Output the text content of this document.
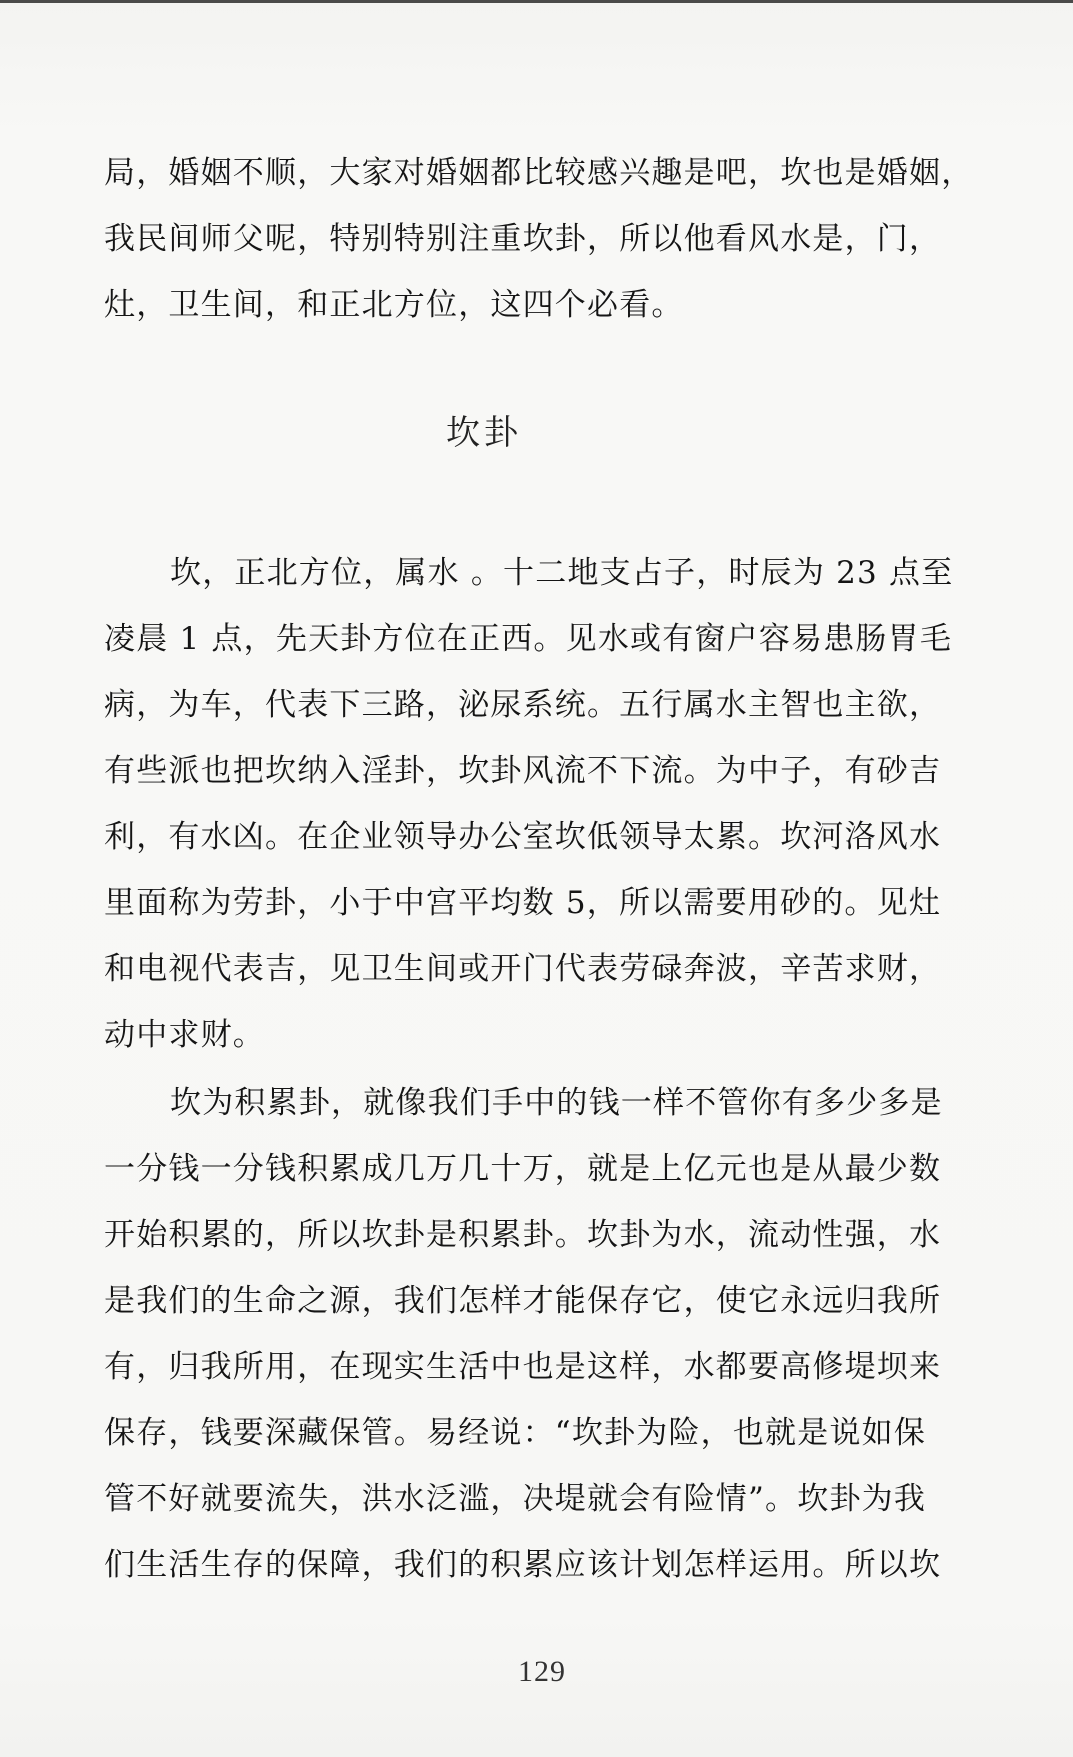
局，婚姻不顺，大家对婚姻都比较感兴趣是吧，坎也是婚姻，
我民间师父呢，特别特别注重坎卦，所以他看风水是，门，
灶，卫生间，和正北方位，这四个必看。
坎卦
坎，正北方位，属水 。十二地支占子，时辰为 23 点至
凌晨 1 点，先天卦方位在正西。见水或有窗户容易患肠胃毛
病，为车，代表下三路，泌尿系统。五行属水主智也主欲，
有些派也把坎纳入淫卦，坎卦风流不下流。为中子，有砂吉
利，有水凶。在企业领导办公室坎低领导太累。坎河洛风水
里面称为劳卦，小于中宫平均数 5，所以需要用砂的。见灶
和电视代表吉，见卫生间或开门代表劳碌奔波，辛苦求财，
动中求财。
坎为积累卦，就像我们手中的钱一样不管你有多少多是
一分钱一分钱积累成几万几十万，就是上亿元也是从最少数
开始积累的，所以坎卦是积累卦。坎卦为水，流动性强，水
是我们的生命之源，我们怎样才能保存它，使它永远归我所
有，归我所用，在现实生活中也是这样，水都要高修堤坝来
保存，钱要深藏保管。易经说：“坎卦为险，也就是说如保
管不好就要流失，洪水泛滥，决堤就会有险情”。坎卦为我
们生活生存的保障，我们的积累应该计划怎样运用。所以坎
129
